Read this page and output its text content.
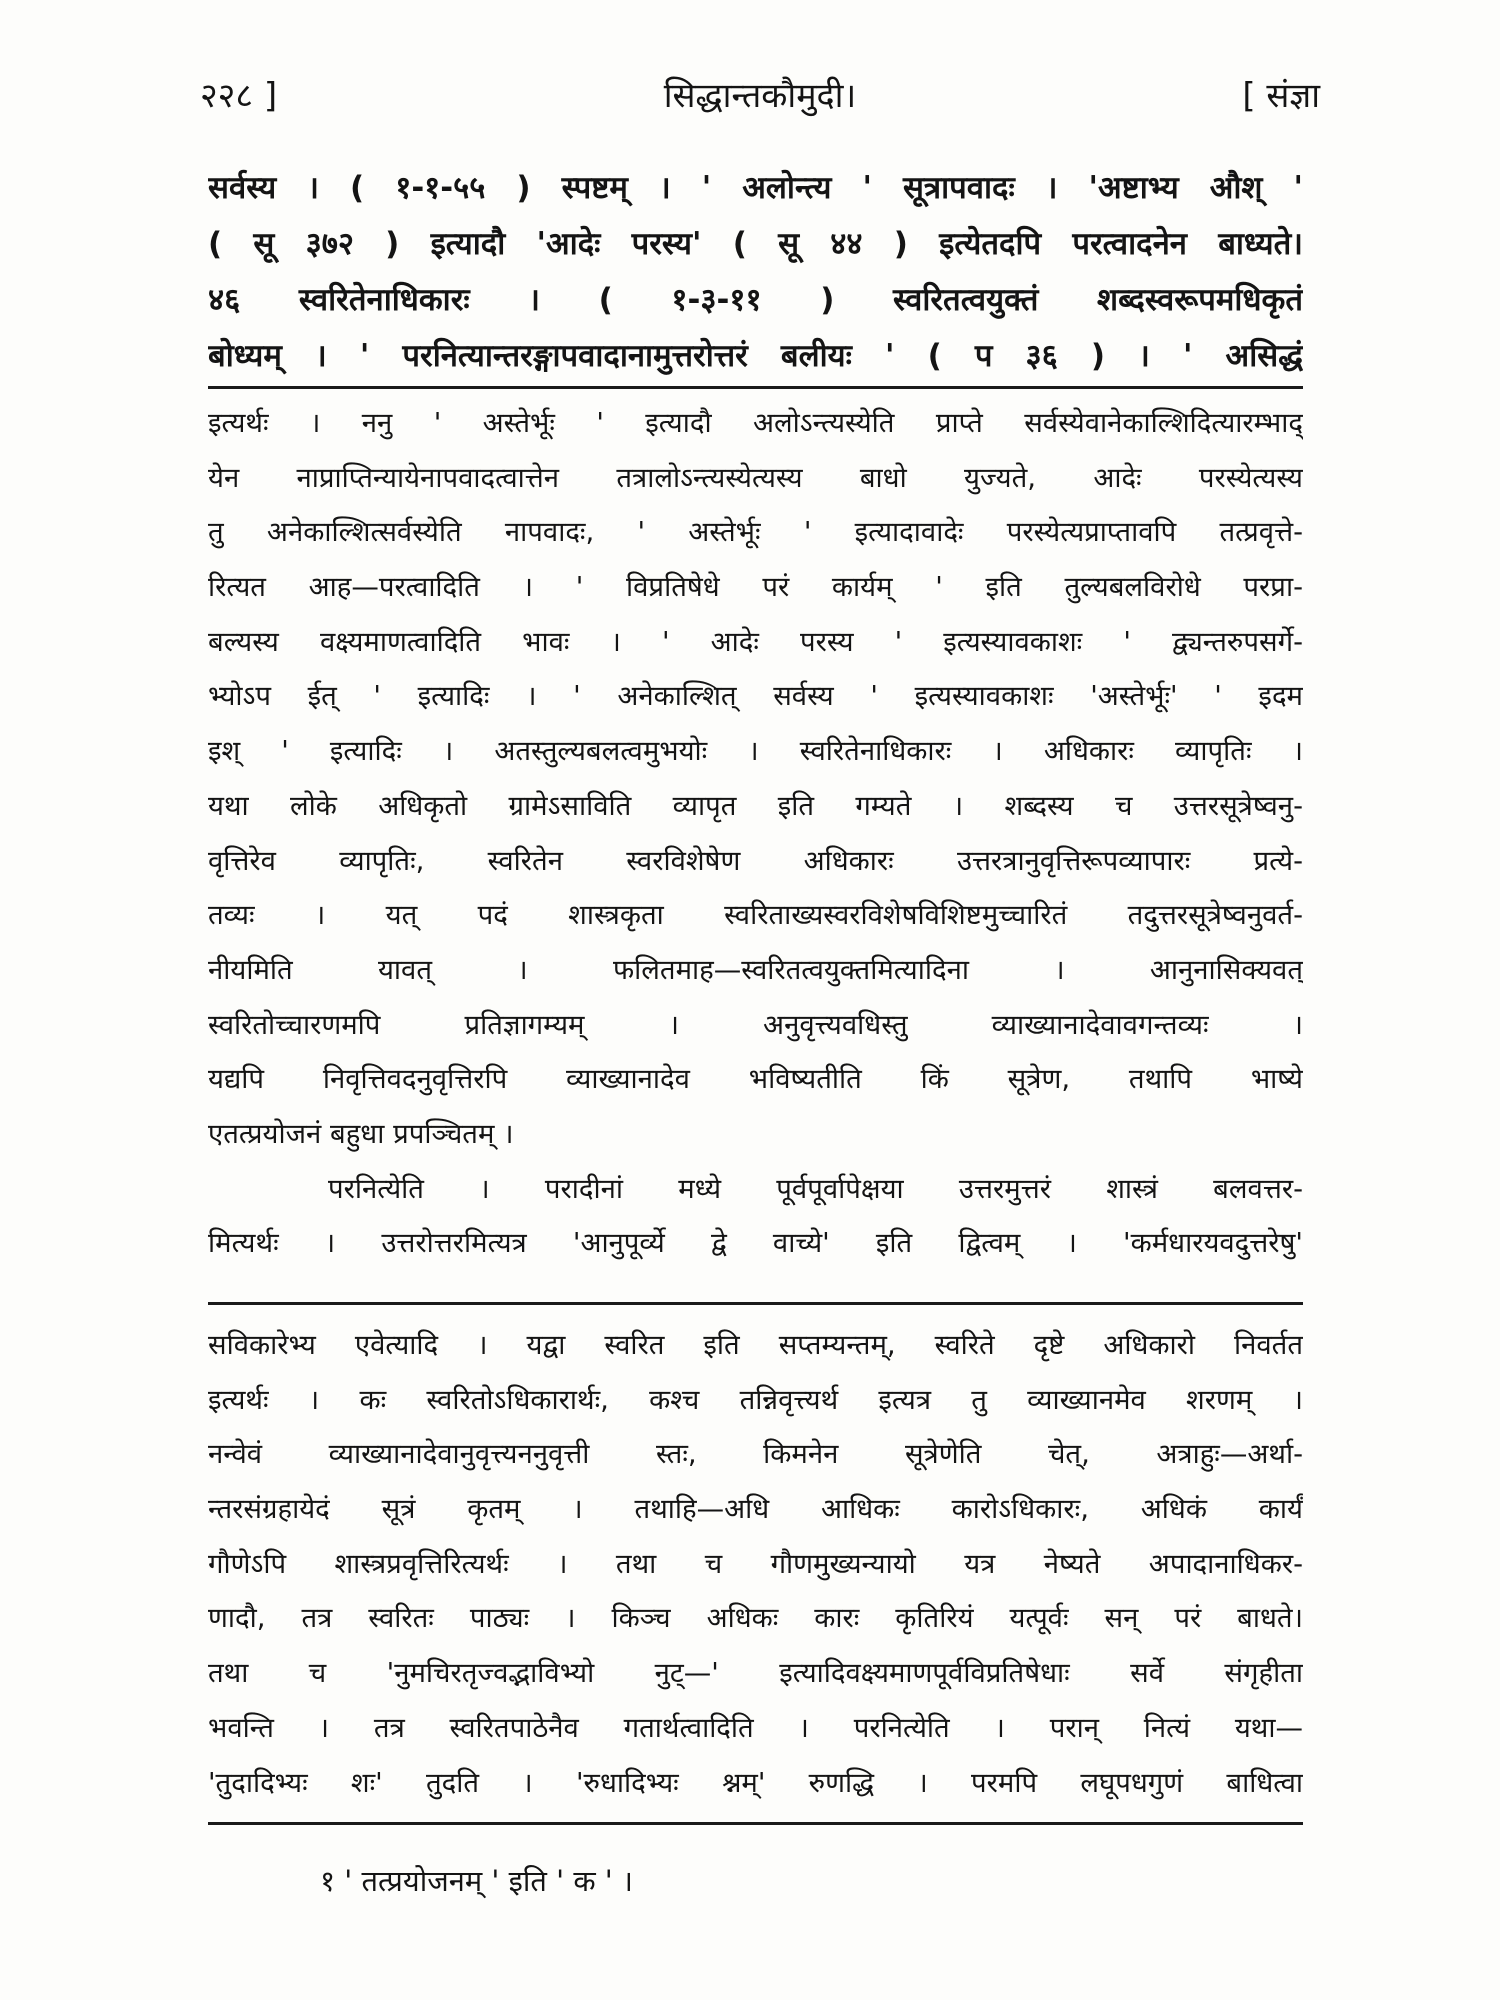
२२८ ]	सिद्धान्तकौमुदी।	[ संज्ञा
सर्वस्य । ( १-१-५५ ) स्पष्टम् । ' अलोन्त्य ' सूत्रापवादः । 'अष्टाभ्य औश् '
( सू ३७२ ) इत्यादौ 'आदेः परस्य' ( सू ४४ ) इत्येतदपि परत्वादनेन बाध्यते।
४६ स्वरितेनाधिकारः । ( १-३-११ ) स्वरितत्वयुक्तं शब्दस्वरूपमधिकृतं
बोध्यम् । ' परनित्यान्तरङ्गापवादानामुत्तरोत्तरं बलीयः ' ( प ३६ ) । ' असिद्धं
इत्यर्थः । ननु ' अस्तेर्भूः ' इत्यादौ अलोऽन्त्यस्येति प्राप्ते सर्वस्येवानेकाल्शिदित्यारम्भाद्
येन नाप्राप्तिन्यायेनापवादत्वात्तेन तत्रालोऽन्त्यस्येत्यस्य बाधो युज्यते, आदेः परस्येत्यस्य
तु अनेकाल्शित्सर्वस्येति नापवादः, ' अस्तेर्भूः ' इत्यादावादेः परस्येत्यप्राप्तावपि तत्प्रवृत्ते-
रित्यत आह—परत्वादिति । ' विप्रतिषेधे परं कार्यम् ' इति तुल्यबलविरोधे परप्रा-
बल्यस्य वक्ष्यमाणत्वादिति भावः । ' आदेः परस्य ' इत्यस्यावकाशः ' द्व्यन्तरुपसर्गे-
भ्योऽप ईत् ' इत्यादिः । ' अनेकाल्शित् सर्वस्य ' इत्यस्यावकाशः 'अस्तेर्भूः' ' इदम
इश् ' इत्यादिः । अतस्तुल्यबलत्वमुभयोः । स्वरितेनाधिकारः । अधिकारः व्यापृतिः ।
यथा लोके अधिकृतो ग्रामेऽसाविति व्यापृत इति गम्यते । शब्दस्य च उत्तरसूत्रेष्वनु-
वृत्तिरेव व्यापृतिः, स्वरितेन स्वरविशेषेण अधिकारः उत्तरत्रानुवृत्तिरूपव्यापारः प्रत्ये-
तव्यः । यत् पदं शास्त्रकृता स्वरिताख्यस्वरविशेषविशिष्टमुच्चारितं तदुत्तरसूत्रेष्वनुवर्त-
नीयमिति यावत् । फलितमाह—स्वरितत्वयुक्तमित्यादिना । आनुनासिक्यवत्
स्वरितोच्चारणमपि प्रतिज्ञागम्यम् । अनुवृत्त्यवधिस्तु व्याख्यानादेवावगन्तव्यः ।
यद्यपि निवृत्तिवदनुवृत्तिरपि व्याख्यानादेव भविष्यतीति किं सूत्रेण, तथापि भाष्ये
एतत्प्रयोजनं बहुधा प्रपञ्चितम् ।
परनित्येति । परादीनां मध्ये पूर्वपूर्वापेक्षया उत्तरमुत्तरं शास्त्रं बलवत्तर-
मित्यर्थः । उत्तरोत्तरमित्यत्र 'आनुपूर्व्ये द्वे वाच्ये' इति द्वित्वम् । 'कर्मधारयवदुत्तरेषु'
सविकारेभ्य एवेत्यादि । यद्वा स्वरित इति सप्तम्यन्तम्, स्वरिते दृष्टे अधिकारो निवर्तत
इत्यर्थः । कः स्वरितोऽधिकारार्थः, कश्च तन्निवृत्त्यर्थ इत्यत्र तु व्याख्यानमेव शरणम् ।
नन्वेवं व्याख्यानादेवानुवृत्त्यननुवृत्ती स्तः, किमनेन सूत्रेणेति चेत्, अत्राहुः—अर्था-
न्तरसंग्रहायेदं सूत्रं कृतम् । तथाहि—अधि आधिकः कारोऽधिकारः, अधिकं कार्यं
गौणेऽपि शास्त्रप्रवृत्तिरित्यर्थः । तथा च गौणमुख्यन्यायो यत्र नेष्यते अपादानाधिकर-
णादौ, तत्र स्वरितः पाठ्यः । किञ्च अधिकः कारः कृतिरियं यत्पूर्वः सन् परं बाधते।
तथा च 'नुमचिरतृज्वद्भाविभ्यो नुट्—' इत्यादिवक्ष्यमाणपूर्वविप्रतिषेधाः सर्वे संगृहीता
भवन्ति । तत्र स्वरितपाठेनैव गतार्थत्वादिति । परनित्येति । परान् नित्यं यथा—
'तुदादिभ्यः शः' तुदति । 'रुधादिभ्यः श्नम्' रुणद्धि । परमपि लघूपधगुणं बाधित्वा
१ ' तत्प्रयोजनम् ' इति ' क ' ।
